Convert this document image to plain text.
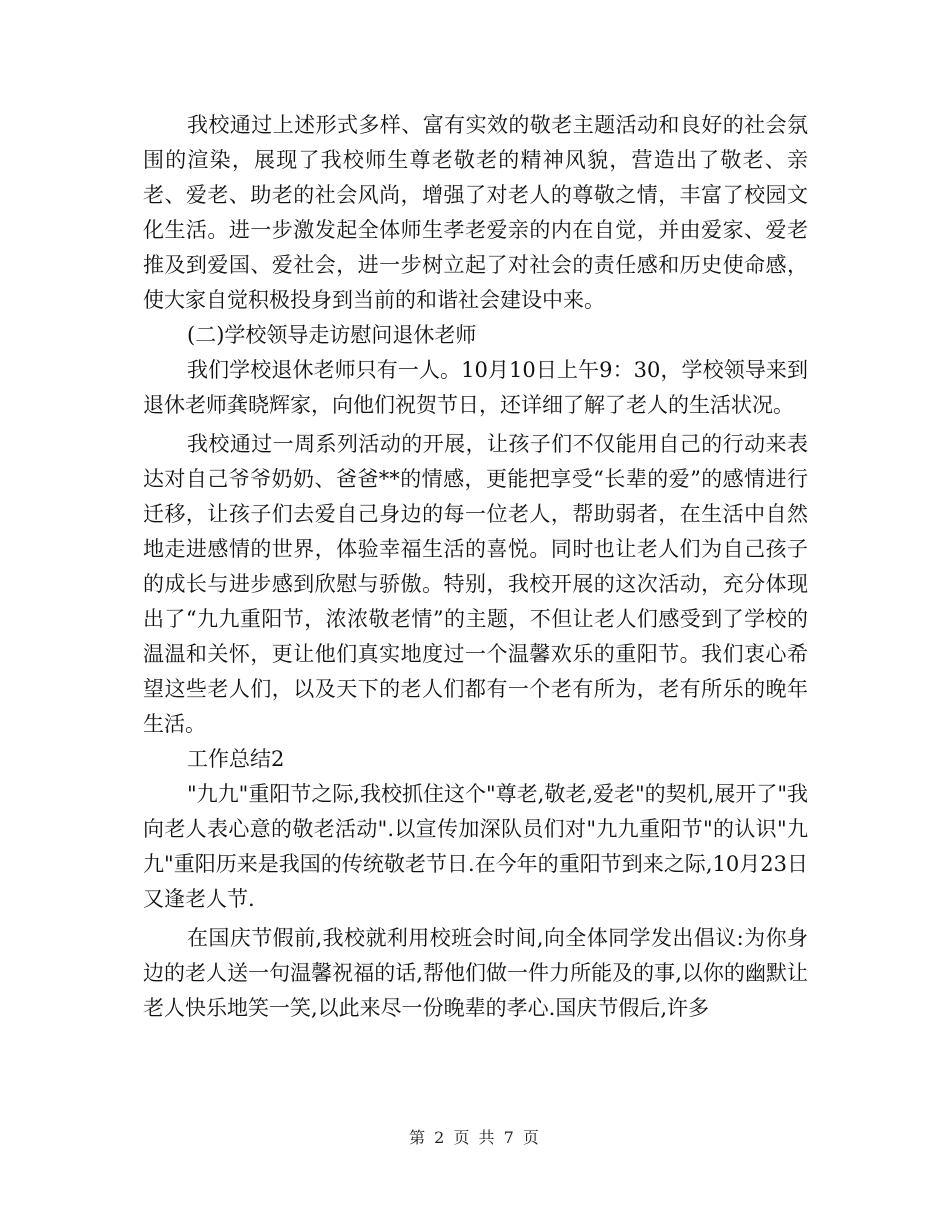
我校通过上述形式多样、富有实效的敬老主题活动和良好的社会氛围的渲染，展现了我校师生尊老敬老的精神风貌，营造出了敬老、亲老、爱老、助老的社会风尚，增强了对老人的尊敬之情，丰富了校园文化生活。进一步激发起全体师生孝老爱亲的内在自觉，并由爱家、爱老推及到爱国、爱社会，进一步树立起了对社会的责任感和历史使命感，使大家自觉积极投身到当前的和谐社会建设中来。

(二)学校领导走访慰问退休老师

我们学校退休老师只有一人。10月10日上午9：30，学校领导来到退休老师龚晓辉家，向他们祝贺节日，还详细了解了老人的生活状况。

我校通过一周系列活动的开展，让孩子们不仅能用自己的行动来表达对自己爷爷奶奶、爸爸**的情感，更能把享受“长辈的爱”的感情进行迁移，让孩子们去爱自己身边的每一位老人，帮助弱者，在生活中自然地走进感情的世界，体验幸福生活的喜悦。同时也让老人们为自己孩子的成长与进步感到欣慰与骄傲。特别，我校开展的这次活动，充分体现出了“九九重阳节，浓浓敬老情”的主题，不但让老人们感受到了学校的温温和关怀，更让他们真实地度过一个温馨欢乐的重阳节。我们衷心希望这些老人们，以及天下的老人们都有一个老有所为，老有所乐的晚年生活。

工作总结2

"九九"重阳节之际,我校抓住这个"尊老,敬老,爱老"的契机,展开了"我向老人表心意的敬老活动".以宣传加深队员们对"九九重阳节"的认识"九九"重阳历来是我国的传统敬老节日.在今年的重阳节到来之际,10月23日又逢老人节.

在国庆节假前,我校就利用校班会时间,向全体同学发出倡议:为你身边的老人送一句温馨祝福的话,帮他们做一件力所能及的事,以你的幽默让老人快乐地笑一笑,以此来尽一份晚辈的孝心.国庆节假后,许多

第 2 页 共 7 页
